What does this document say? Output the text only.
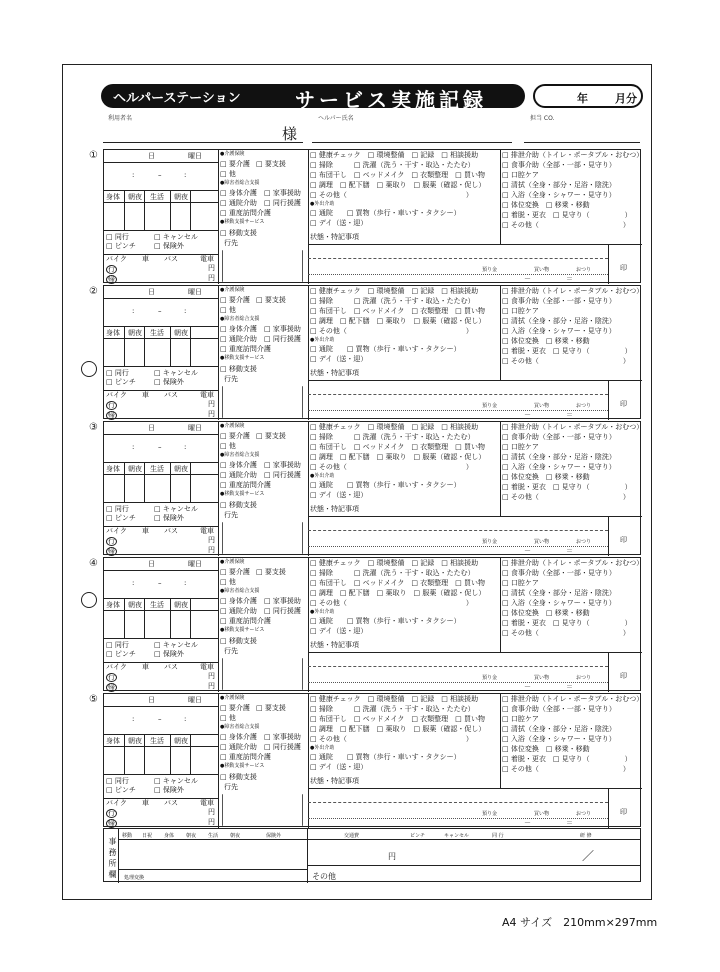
ヘルパーステーション	サービス実施記録	年 月分
利用者名	ヘルパー氏名	担当 CO.
様
①	日	曜日
:	–	:
身体 朝夜 生活 朝夜
□ 同行	□ キャンセル
□ ピンチ	□ 保険外
バイク 車 バス	電車
行
帰
円
円
●介護保険
□ 要介護 □ 要支援
□ 他
●障害者総合支援
□ 身体介護 □ 家事援助
□ 通院介助 □ 同行援護
□ 重度訪問介護
●移動支援サービス
□ 移動支援
行先
□ 健康チェック　□ 環境整備　□ 記録　□ 相談援助
□ 掃除　　　□ 洗濯（洗う・干す・取込・たたむ）
□ 布団干し　□ ベッドメイク　□ 衣類整理　□ 買い物
□ 調理　□ 配下膳　□ 薬取り　□ 服薬（確認・促し）
□ その他（　　　　　　　　　　　　　　　　　）
●外出介助
□ 通院　　□ 買物（歩行・車いす・タクシー）
□ デイ（送・迎）
□ 排泄介助（トイレ・ポータブル・おむつ）
□ 食事介助（全部・一部・見守り）
□ 口腔ケア
□ 清拭（全身・部分・足浴・陰洗）
□ 入浴（全身・シャワー・見守り）
□ 体位変換　□ 移乗・移動
□ 着脱・更衣　□ 見守り（　　　　　）
□ その他（　　　　　　　　　　　　）
状態・特記事項
預り金	買い物	おつり
－	＝
印
②	日	曜日
:	–	:
身体 朝夜 生活 朝夜
□ 同行	□ キャンセル
□ ピンチ	□ 保険外
バイク 車 バス	電車
行
帰
円
円
●介護保険
□ 要介護 □ 要支援
□ 他
●障害者総合支援
□ 身体介護 □ 家事援助
□ 通院介助 □ 同行援護
□ 重度訪問介護
●移動支援サービス
□ 移動支援
行先
□ 健康チェック　□ 環境整備　□ 記録　□ 相談援助
□ 掃除　　　□ 洗濯（洗う・干す・取込・たたむ）
□ 布団干し　□ ベッドメイク　□ 衣類整理　□ 買い物
□ 調理　□ 配下膳　□ 薬取り　□ 服薬（確認・促し）
□ その他（　　　　　　　　　　　　　　　　　）
●外出介助
□ 通院　　□ 買物（歩行・車いす・タクシー）
□ デイ（送・迎）
□ 排泄介助（トイレ・ポータブル・おむつ）
□ 食事介助（全部・一部・見守り）
□ 口腔ケア
□ 清拭（全身・部分・足浴・陰洗）
□ 入浴（全身・シャワー・見守り）
□ 体位変換　□ 移乗・移動
□ 着脱・更衣　□ 見守り（　　　　　）
□ その他（　　　　　　　　　　　　）
状態・特記事項
預り金	買い物	おつり
－	＝
印
③	日	曜日
:	–	:
身体 朝夜 生活 朝夜
□ 同行	□ キャンセル
□ ピンチ	□ 保険外
バイク 車 バス	電車
行
帰
円
円
●介護保険
□ 要介護 □ 要支援
□ 他
●障害者総合支援
□ 身体介護 □ 家事援助
□ 通院介助 □ 同行援護
□ 重度訪問介護
●移動支援サービス
□ 移動支援
行先
□ 健康チェック　□ 環境整備　□ 記録　□ 相談援助
□ 掃除　　　□ 洗濯（洗う・干す・取込・たたむ）
□ 布団干し　□ ベッドメイク　□ 衣類整理　□ 買い物
□ 調理　□ 配下膳　□ 薬取り　□ 服薬（確認・促し）
□ その他（　　　　　　　　　　　　　　　　　）
●外出介助
□ 通院　　□ 買物（歩行・車いす・タクシー）
□ デイ（送・迎）
□ 排泄介助（トイレ・ポータブル・おむつ）
□ 食事介助（全部・一部・見守り）
□ 口腔ケア
□ 清拭（全身・部分・足浴・陰洗）
□ 入浴（全身・シャワー・見守り）
□ 体位変換　□ 移乗・移動
□ 着脱・更衣　□ 見守り（　　　　　）
□ その他（　　　　　　　　　　　　）
状態・特記事項
預り金	買い物	おつり
－	＝
印
④	日	曜日
:	–	:
身体 朝夜 生活 朝夜
□ 同行	□ キャンセル
□ ピンチ	□ 保険外
バイク 車 バス	電車
行
帰
円
円
●介護保険
□ 要介護 □ 要支援
□ 他
●障害者総合支援
□ 身体介護 □ 家事援助
□ 通院介助 □ 同行援護
□ 重度訪問介護
●移動支援サービス
□ 移動支援
行先
□ 健康チェック　□ 環境整備　□ 記録　□ 相談援助
□ 掃除　　　□ 洗濯（洗う・干す・取込・たたむ）
□ 布団干し　□ ベッドメイク　□ 衣類整理　□ 買い物
□ 調理　□ 配下膳　□ 薬取り　□ 服薬（確認・促し）
□ その他（　　　　　　　　　　　　　　　　　）
●外出介助
□ 通院　　□ 買物（歩行・車いす・タクシー）
□ デイ（送・迎）
□ 排泄介助（トイレ・ポータブル・おむつ）
□ 食事介助（全部・一部・見守り）
□ 口腔ケア
□ 清拭（全身・部分・足浴・陰洗）
□ 入浴（全身・シャワー・見守り）
□ 体位変換　□ 移乗・移動
□ 着脱・更衣　□ 見守り（　　　　　）
□ その他（　　　　　　　　　　　　）
状態・特記事項
預り金	買い物	おつり
－	＝
印
⑤	日	曜日
:	–	:
身体 朝夜 生活 朝夜
□ 同行	□ キャンセル
□ ピンチ	□ 保険外
バイク 車 バス	電車
行
帰
円
円
●介護保険
□ 要介護 □ 要支援
□ 他
●障害者総合支援
□ 身体介護 □ 家事援助
□ 通院介助 □ 同行援護
□ 重度訪問介護
●移動支援サービス
□ 移動支援
行先
□ 健康チェック　□ 環境整備　□ 記録　□ 相談援助
□ 掃除　　　□ 洗濯（洗う・干す・取込・たたむ）
□ 布団干し　□ ベッドメイク　□ 衣類整理　□ 買い物
□ 調理　□ 配下膳　□ 薬取り　□ 服薬（確認・促し）
□ その他（　　　　　　　　　　　　　　　　　）
●外出介助
□ 通院　　□ 買物（歩行・車いす・タクシー）
□ デイ（送・迎）
□ 排泄介助（トイレ・ポータブル・おむつ）
□ 食事介助（全部・一部・見守り）
□ 口腔ケア
□ 清拭（全身・部分・足浴・陰洗）
□ 入浴（全身・シャワー・見守り）
□ 体位変換　□ 移乗・移動
□ 着脱・更衣　□ 見守り（　　　　　）
□ その他（　　　　　　　　　　　　）
状態・特記事項
預り金	買い物	おつり
－	＝
印
事務所欄
移動 日祝 身体 朝夜 生活 朝夜	保険外	交通費	ピンチ	キャンセル	同 行	研 修
円	／
処理変換	その他
A4 サイズ　210mm×297mm
